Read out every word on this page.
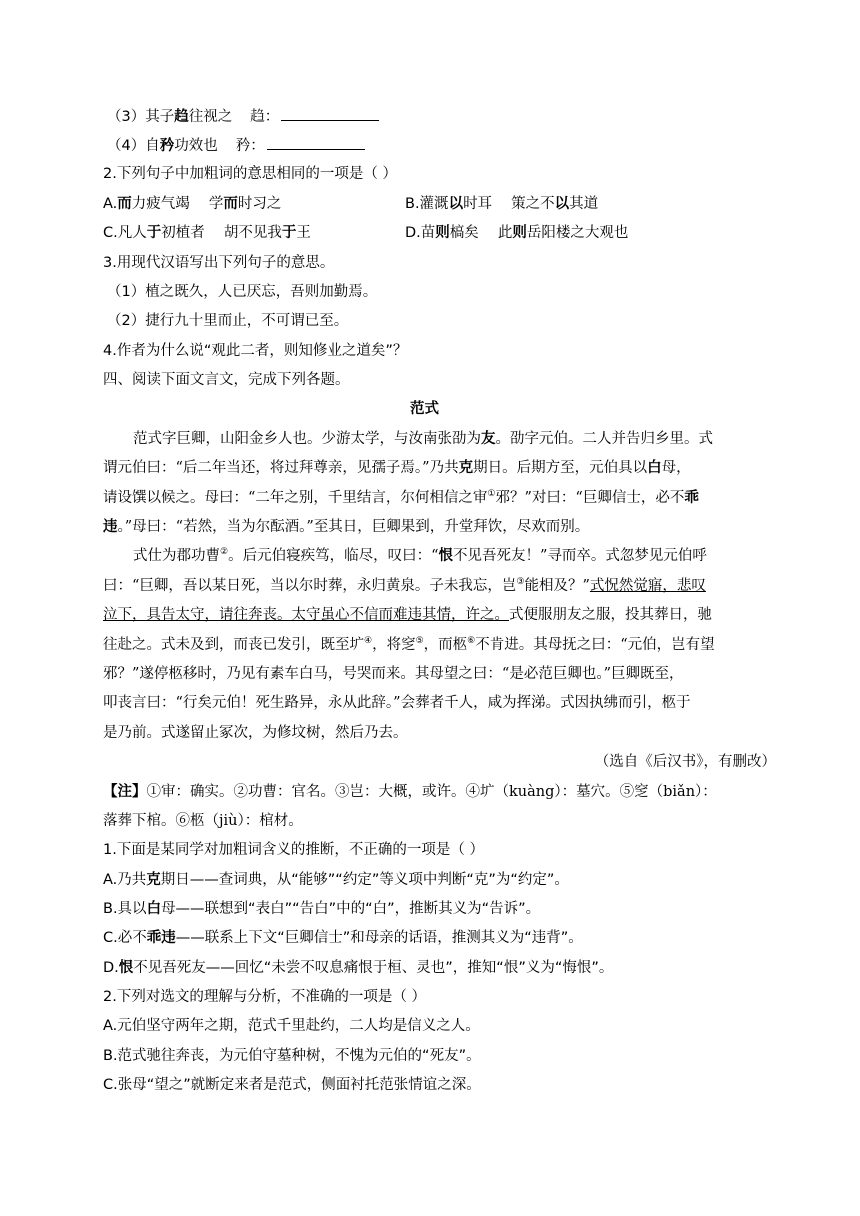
（3）其子趋往视之 趋：
（4）自矜功效也 矜：
2.下列句子中加粗词的意思相同的一项是（ ）
A.而力疲气竭　 学而时习之	B.灌溉以时耳　 策之不以其道
C.凡人于初植者　 胡不见我于王	D.苗则槁矣　 此则岳阳楼之大观也
3.用现代汉语写出下列句子的意思。
（1）植之既久，人已厌忘，吾则加勤焉。
（2）捷行九十里而止，不可谓已至。
4.作者为什么说“观此二者，则知修业之道矣”？
四、阅读下面文言文，完成下列各题。
范式
范式字巨卿，山阳金乡人也。少游太学，与汝南张劭为友。劭字元伯。二人并告归乡里。式
谓元伯曰：“后二年当还，将过拜尊亲，见孺子焉。”乃共克期日。后期方至，元伯具以白母，
请设馔以候之。母曰：“二年之别，千里结言，尔何相信之审①邪？”对曰：“巨卿信士，必不乖
违。”母曰：“若然，当为尔酝酒。”至其日，巨卿果到，升堂拜饮，尽欢而别。
式仕为郡功曹②。后元伯寝疾笃，临尽，叹曰：“恨不见吾死友！”寻而卒。式忽梦见元伯呼
曰：“巨卿，吾以某日死，当以尔时葬，永归黄泉。子未我忘，岂③能相及？”式怳然觉寤，悲叹
泣下，具告太守，请往奔丧。太守虽心不信而难违其情，许之。式便服朋友之服，投其葬日，驰
往赴之。式未及到，而丧已发引，既至圹④，将窆⑤，而柩⑥不肯进。其母抚之曰：“元伯，岂有望
邪？”遂停柩移时，乃见有素车白马，号哭而来。其母望之曰：“是必范巨卿也。”巨卿既至，
叩丧言曰：“行矣元伯！死生路异，永从此辞。”会葬者千人，咸为挥涕。式因执绋而引，柩于
是乃前。式遂留止冢次，为修坟树，然后乃去。
（选自《后汉书》，有删改）
【注】①审：确实。②功曹：官名。③岂：大概，或许。④圹（kuàng）：墓穴。⑤窆（biǎn）：
落葬下棺。⑥柩（jiù）：棺材。
1.下面是某同学对加粗词含义的推断，不正确的一项是（ ）
A.乃共克期日——查词典，从“能够”“约定”等义项中判断“克”为“约定”。
B.具以白母——联想到“表白”“告白”中的“白”，推断其义为“告诉”。
C.必不乖违——联系上下文“巨卿信士”和母亲的话语，推测其义为“违背”。
D.恨不见吾死友——回忆“未尝不叹息痛恨于桓、灵也”，推知“恨”义为“悔恨”。
2.下列对选文的理解与分析，不准确的一项是（ ）
A.元伯坚守两年之期，范式千里赴约，二人均是信义之人。
B.范式驰往奔丧，为元伯守墓种树，不愧为元伯的“死友”。
C.张母“望之”就断定来者是范式，侧面衬托范张情谊之深。
